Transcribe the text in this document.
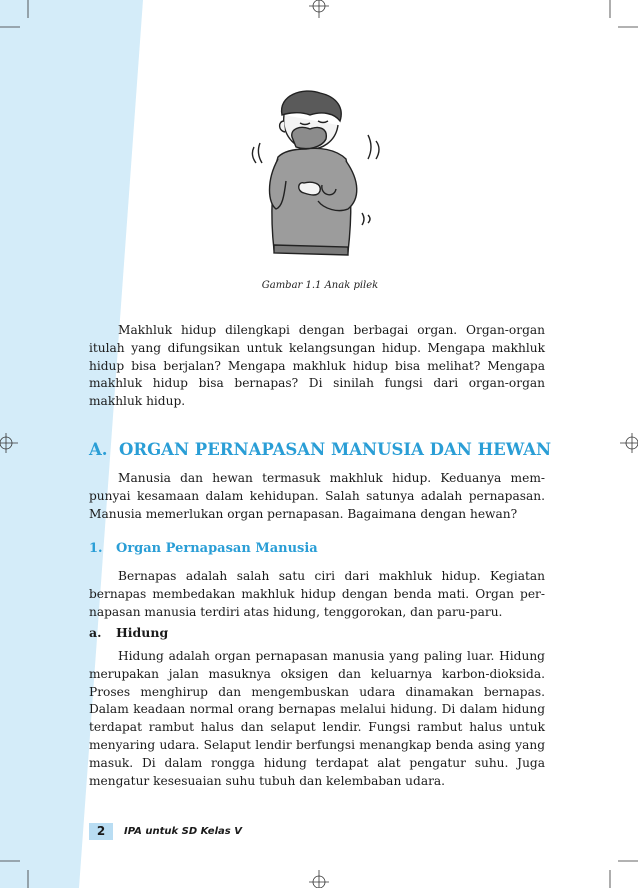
Gambar 1.1 Anak pilek

Makhluk hidup dilengkapi dengan berbagai organ. Organ-organ itulah yang difungsikan untuk kelangsungan hidup. Mengapa makhluk hidup bisa berjalan? Mengapa makhluk hidup bisa melihat? Mengapa makhluk hidup bisa bernapas? Di sinilah fungsi dari organ-organ makhluk hidup.

A. ORGAN PERNAPASAN MANUSIA DAN HEWAN

Manusia dan hewan termasuk makhluk hidup. Keduanya mem-punyai kesamaan dalam kehidupan. Salah satunya adalah pernapasan. Manusia memerlukan organ pernapasan. Bagaimana dengan hewan?

1. Organ Pernapasan Manusia

Bernapas adalah salah satu ciri dari makhluk hidup. Kegiatan bernapas membedakan makhluk hidup dengan benda mati. Organ per-napasan manusia terdiri atas hidung, tenggorokan, dan paru-paru.

a. Hidung

Hidung adalah organ pernapasan manusia yang paling luar. Hidung merupakan jalan masuknya oksigen dan keluarnya karbon-dioksida. Proses menghirup dan mengembuskan udara dinamakan bernapas. Dalam keadaan normal orang bernapas melalui hidung. Di dalam hidung terdapat rambut halus dan selaput lendir. Fungsi rambut halus untuk menyaring udara. Selaput lendir berfungsi menangkap benda asing yang masuk. Di dalam rongga hidung terdapat alat pengatur suhu. Juga mengatur kesesuaian suhu tubuh dan kelembaban udara.

2	IPA untuk SD Kelas V
